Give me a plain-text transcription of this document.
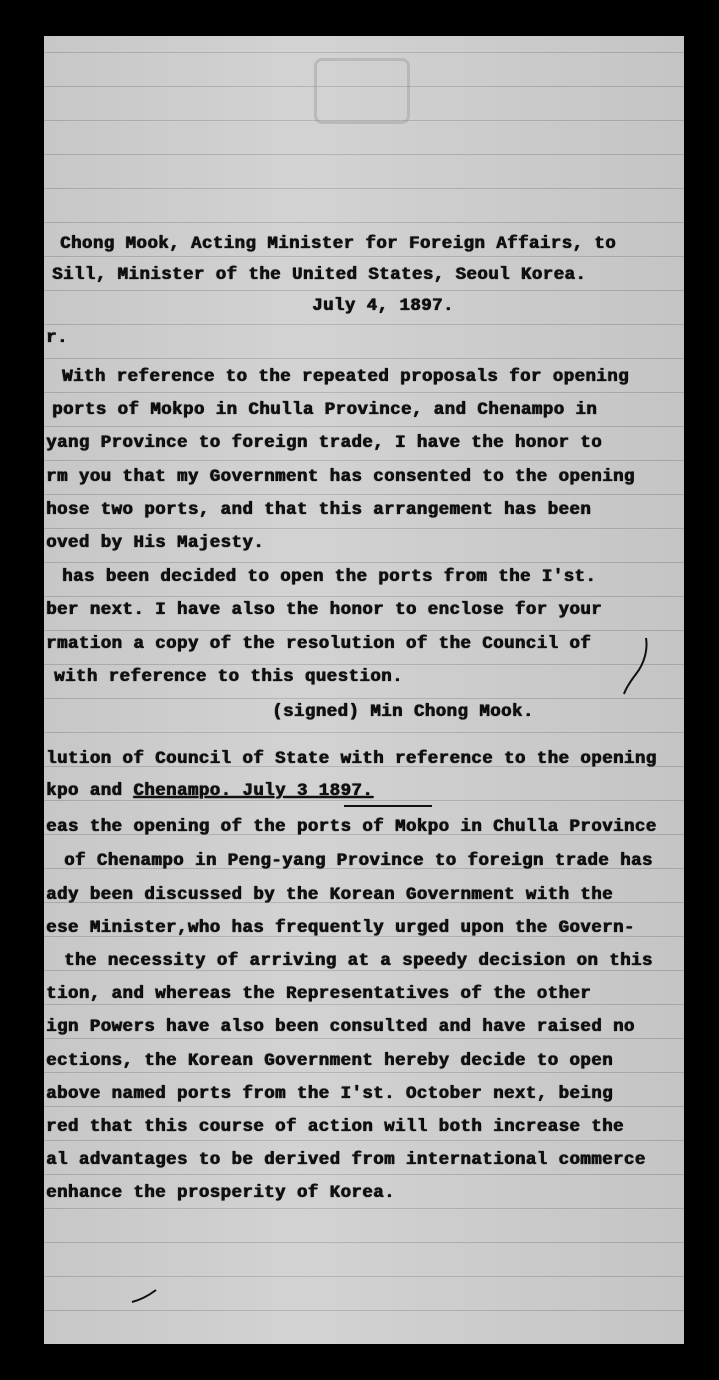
Chong Mook, Acting Minister for Foreign Affairs, to
Sill, Minister of the United States, Seoul Korea.
July 4, 1897.
r.
With reference to the repeated proposals for opening
ports of Mokpo in Chulla Province, and Chenampo in
yang Province to foreign trade, I have the honor to
rm you that my Government has consented to the opening
hose two ports, and that this arrangement has been
oved by His Majesty.
has been decided to open the ports from the I'st.
ber next. I have also the honor to enclose for your
rmation a copy of the resolution of the Council of
with reference to this question.
(signed) Min Chong Mook.
lution of Council of State with reference to the opening
kpo and Chenampo. July 3 1897.
eas the opening of the ports of Mokpo in Chulla Province
of Chenampo in Peng-yang Province to foreign trade has
ady been discussed by the Korean Government with the
ese Minister,who has frequently urged upon the Govern-
the necessity of arriving at a speedy decision on this
tion, and whereas the Representatives of the other
ign Powers have also been consulted and have raised no
ections, the Korean Government hereby decide to open
above named ports from the I'st. October next, being
red that this course of action will both increase the
al advantages to be derived from international commerce
enhance the prosperity of Korea.
